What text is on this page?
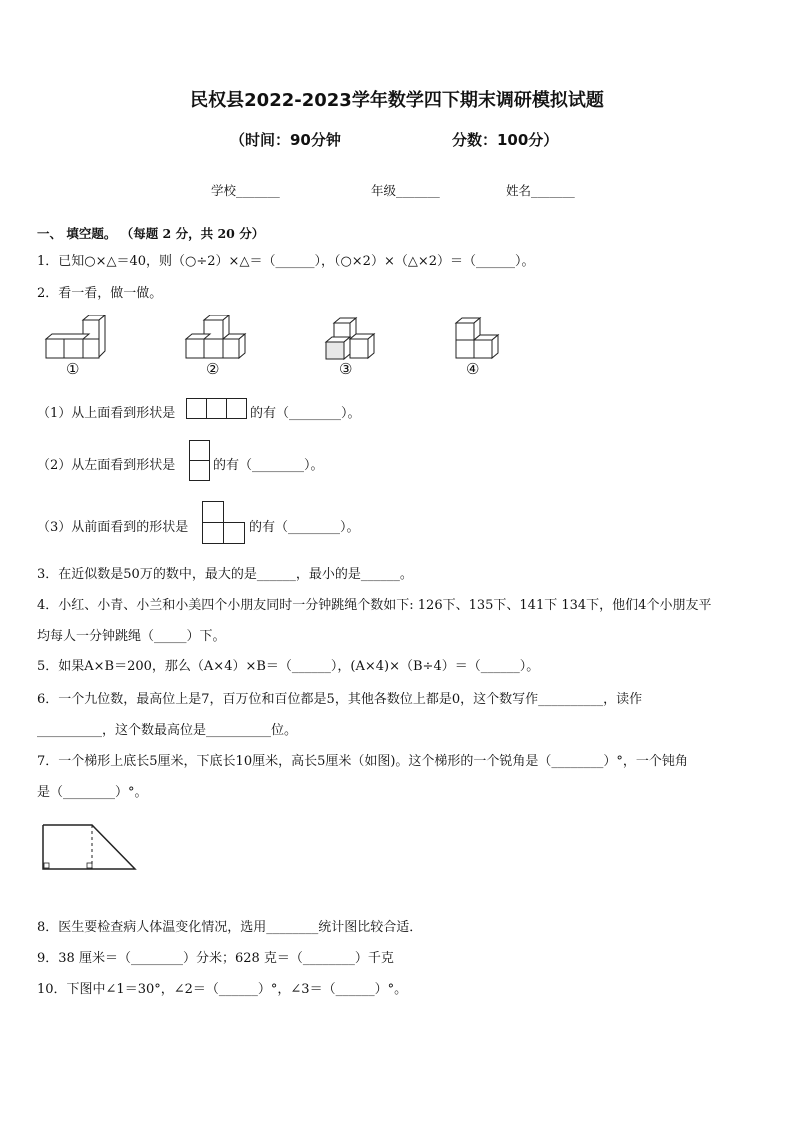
民权县2022-2023学年数学四下期末调研模拟试题
（时间：90分钟	分数：100分）
学校_______	年级_______	姓名_______
一、 填空题。 （每题 2 分，共 20 分）
1．已知○×△＝40，则（○÷2）×△＝（______），（○×2）×（△×2）＝（______）。
2．看一看，做一做。
①	②	③	④
（1）从上面看到形状是	的有（________）。
（2）从左面看到形状是	的有（________）。
（3）从前面看到的形状是	的有（________）。
3．在近似数是50万的数中，最大的是______，最小的是______。
4．小红、小青、小兰和小美四个小朋友同时一分钟跳绳个数如下: 126下、135下、141下 134下，他们4个小朋友平
均每人一分钟跳绳（_____）下。
5．如果A×B＝200，那么（A×4）×B＝（______），(A×4)×（B÷4）＝（______）。
6．一个九位数，最高位上是7，百万位和百位都是5，其他各数位上都是0，这个数写作__________，读作
__________，这个数最高位是__________位。
7．一个梯形上底长5厘米，下底长10厘米，高长5厘米（如图)。这个梯形的一个锐角是（________）°，一个钝角
是（________）°。
8．医生要检查病人体温变化情况，选用________统计图比较合适．
9．38 厘米＝（________）分米；628 克＝（________）千克
10．下图中∠1＝30°，∠2＝（______）°，∠3＝（______）°。
